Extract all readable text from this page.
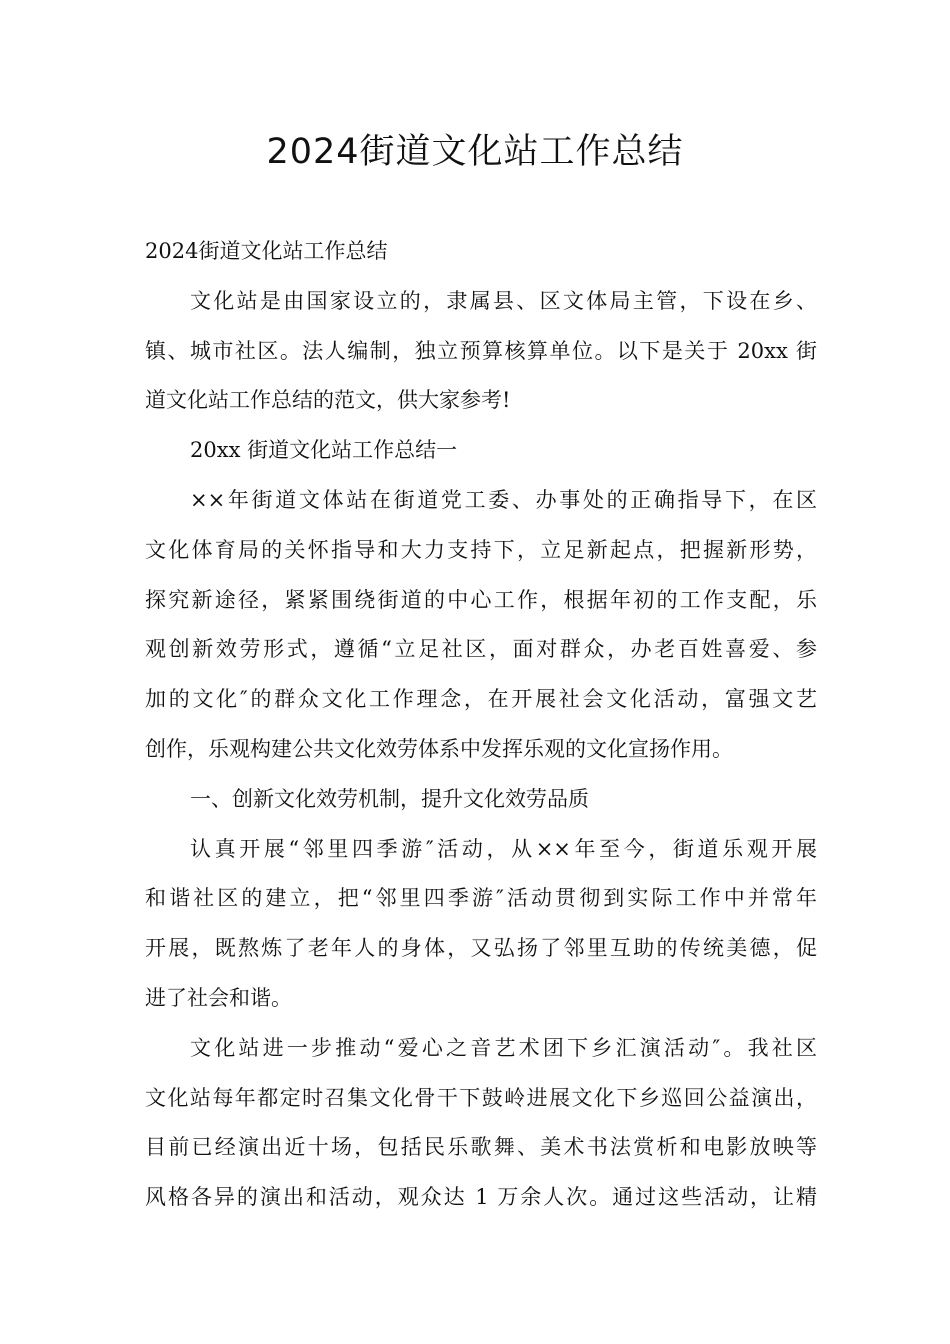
2024街道文化站工作总结
2024街道文化站工作总结
文化站是由国家设立的，隶属县、区文体局主管，下设在乡、
镇、城市社区。法人编制，独立预算核算单位。以下是关于 20xx 街
道文化站工作总结的范文，供大家参考!
20xx 街道文化站工作总结一
××年街道文体站在街道党工委、办事处的正确指导下，在区
文化体育局的关怀指导和大力支持下，立足新起点，把握新形势，
探究新途径，紧紧围绕街道的中心工作，根据年初的工作支配，乐
观创新效劳形式，遵循“立足社区，面对群众，办老百姓喜爱、参
加的文化″的群众文化工作理念，在开展社会文化活动，富强文艺
创作，乐观构建公共文化效劳体系中发挥乐观的文化宣扬作用。
一、创新文化效劳机制，提升文化效劳品质
认真开展“邻里四季游″活动，从××年至今，街道乐观开展
和谐社区的建立，把“邻里四季游″活动贯彻到实际工作中并常年
开展，既熬炼了老年人的身体，又弘扬了邻里互助的传统美德，促
进了社会和谐。
文化站进一步推动“爱心之音艺术团下乡汇演活动″。我社区
文化站每年都定时召集文化骨干下鼓岭进展文化下乡巡回公益演出，
目前已经演出近十场，包括民乐歌舞、美术书法赏析和电影放映等
风格各异的演出和活动，观众达 1 万余人次。通过这些活动，让精
